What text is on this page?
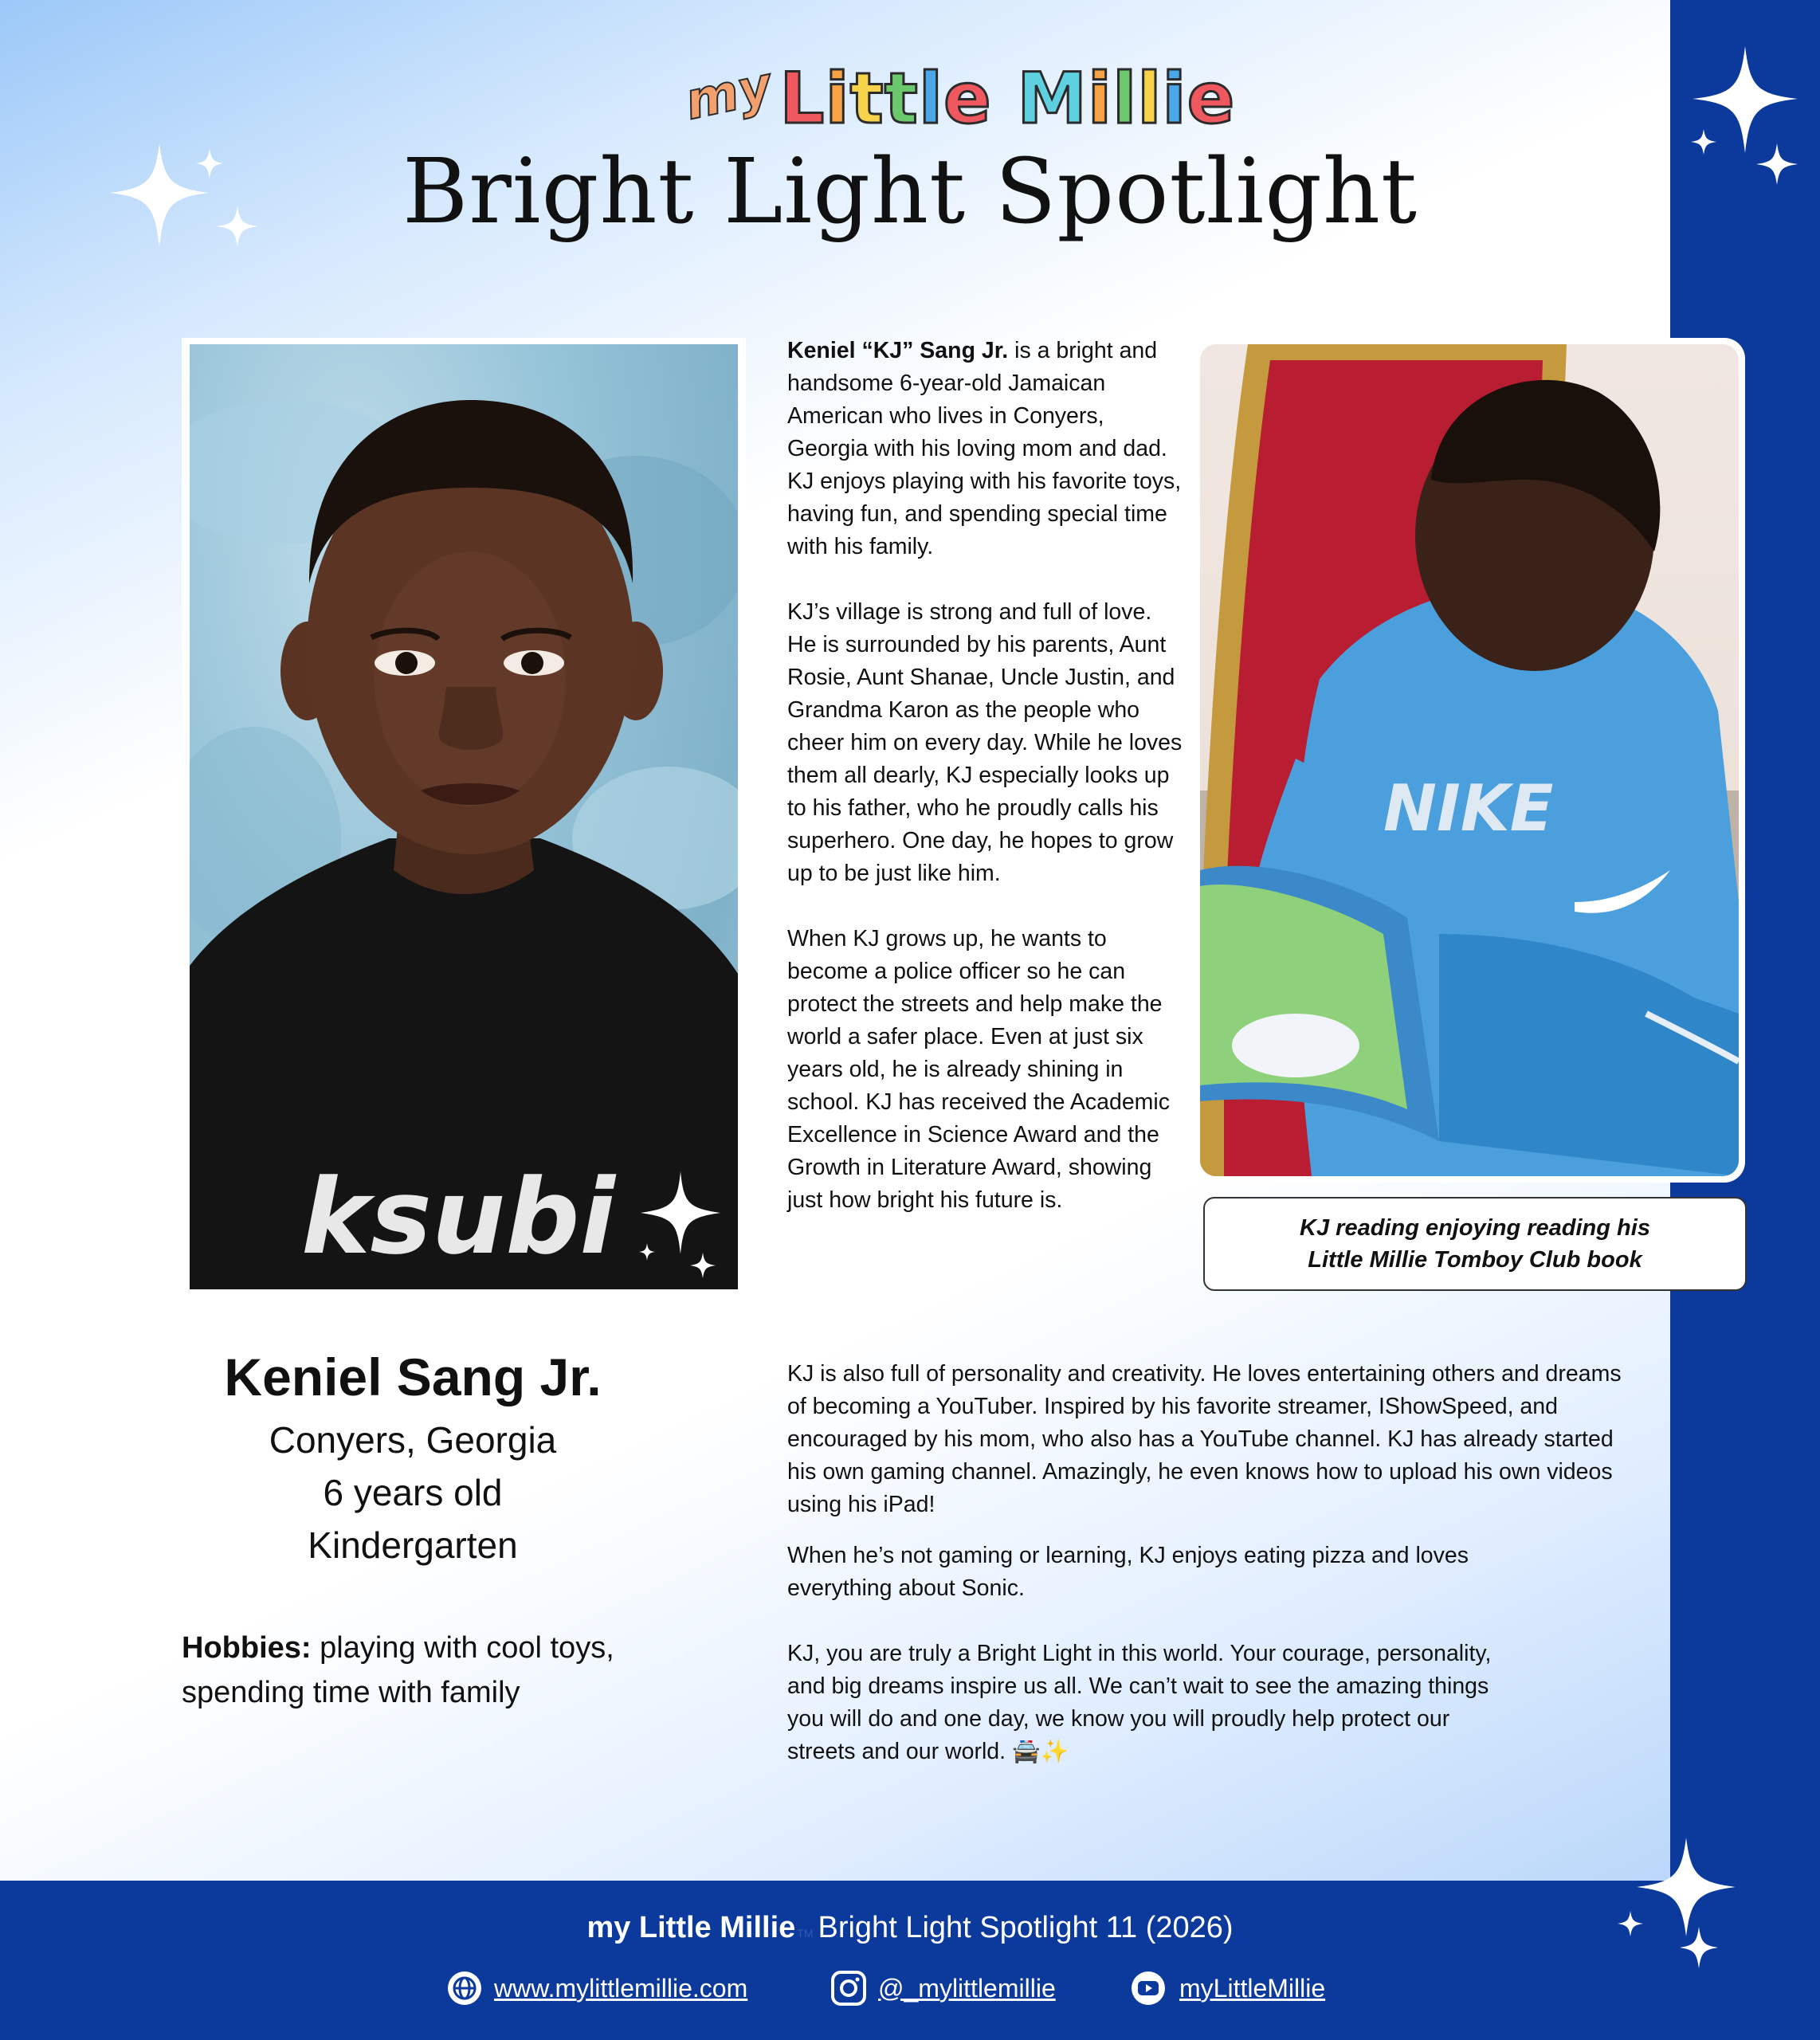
my Little Millie
Bright Light Spotlight
ksubi
NIKE
KJ reading enjoying reading his
Little Millie Tomboy Club book

Keniel “KJ” Sang Jr. is a bright and handsome 6-year-old Jamaican American who lives in Conyers, Georgia with his loving mom and dad. KJ enjoys playing with his favorite toys, having fun, and spending special time with his family.

KJ’s village is strong and full of love. He is surrounded by his parents, Aunt Rosie, Aunt Shanae, Uncle Justin, and Grandma Karon as the people who cheer him on every day. While he loves them all dearly, KJ especially looks up to his father, who he proudly calls his superhero. One day, he hopes to grow up to be just like him.

When KJ grows up, he wants to become a police officer so he can protect the streets and help make the world a safer place. Even at just six years old, he is already shining in school. KJ has received the Academic Excellence in Science Award and the Growth in Literature Award, showing just how bright his future is.

KJ is also full of personality and creativity. He loves entertaining others and dreams of becoming a YouTuber. Inspired by his favorite streamer, IShowSpeed, and encouraged by his mom, who also has a YouTube channel. KJ has already started his own gaming channel. Amazingly, he even knows how to upload his own videos using his iPad!

When he’s not gaming or learning, KJ enjoys eating pizza and loves everything about Sonic.

KJ, you are truly a Bright Light in this world. Your courage, personality, and big dreams inspire us all. We can’t wait to see the amazing things you will do and one day, we know you will proudly help protect our streets and our world. 🚔✨

Keniel Sang Jr.
Conyers, Georgia
6 years old
Kindergarten
Hobbies: playing with cool toys, spending time with family
my Little Millie TM Bright Light Spotlight 11 (2026)
www.mylittlemillie.com	@_mylittlemillie	myLittleMillie
